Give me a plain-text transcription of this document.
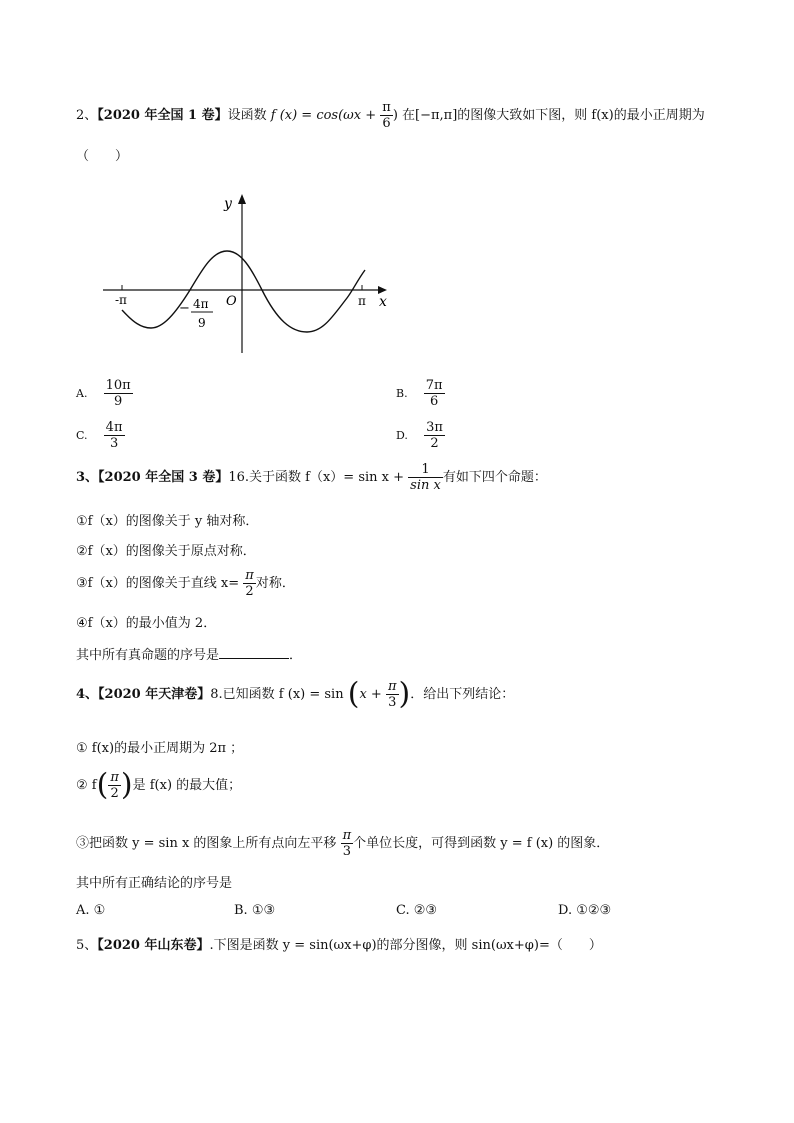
2、【2020 年全国 1 卷】设函数 f $(x) = \cos(\omega x + \frac{\pi}{6}$ ) 在[−π,π]的图像大致如下图，则 f(x)的最小正周期为
（　　）
y
x
O
-π	π
− 4π
9
A. $\frac{10\pi}{9}$	B. $\frac{7\pi}{6}$
C. $\frac{4\pi}{3}$	D. $\frac{3\pi}{2}$
3、【2020 年全国 3 卷】16.关于函数 $f(x)= \sin x + \frac{1}{\text{sin x}}$ 有如下四个命题：
①f（x）的图像关于 y 轴对称．
②f（x）的图像关于原点对称．
③f（x）的图像关于直线 $x= \frac{\pi}{2}$ 对称．
④f（x）的最小值为 2．
其中所有真命题的序号是	．
4、【2020 年天津卷】8.已知函数 f $(x) = \sin (x + \frac{\pi}{3}$ )．给出下列结论：
① f(x)的最小正周期为 2π ；
② $f( \frac{\pi}{2}$ )是 f(x) 的最大值；
③把函数 y = sin x 的图象上所有点向左平移 $\frac{\pi}{3}$ 个单位长度，可得到函数 y = f (x) 的图象．
其中所有正确结论的序号是
A. ①	B. ①③	C. ②③	D. ①②③
5、【2020 年山东卷】.下图是函数 y = sin(ωx+φ)的部分图像，则 sin(ωx+φ)=（　　）
